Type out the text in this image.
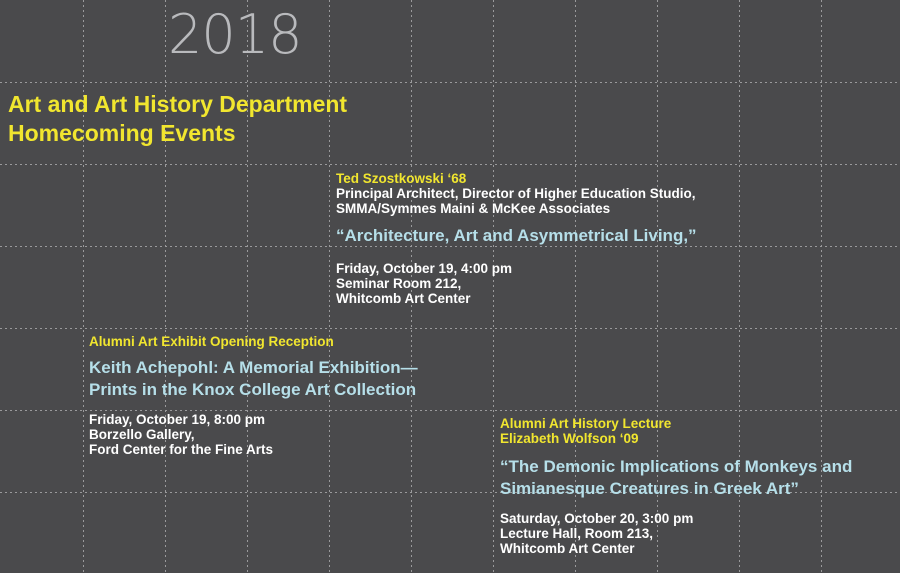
2018
Art and Art History Department
Homecoming Events
Ted Szostkowski ‘68
Principal Architect, Director of Higher Education Studio,
SMMA/Symmes Maini & McKee Associates
“Architecture, Art and Asymmetrical Living,”
Friday, October 19, 4:00 pm
Seminar Room 212,
Whitcomb Art Center
Alumni Art Exhibit Opening Reception
Keith Achepohl: A Memorial Exhibition—
Prints in the Knox College Art Collection
Friday, October 19, 8:00 pm
Borzello Gallery,
Ford Center for the Fine Arts
Alumni Art History Lecture
Elizabeth Wolfson ‘09
“The Demonic Implications of Monkeys and
Simianesque Creatures in Greek Art”
Saturday, October 20, 3:00 pm
Lecture Hall, Room 213,
Whitcomb Art Center
